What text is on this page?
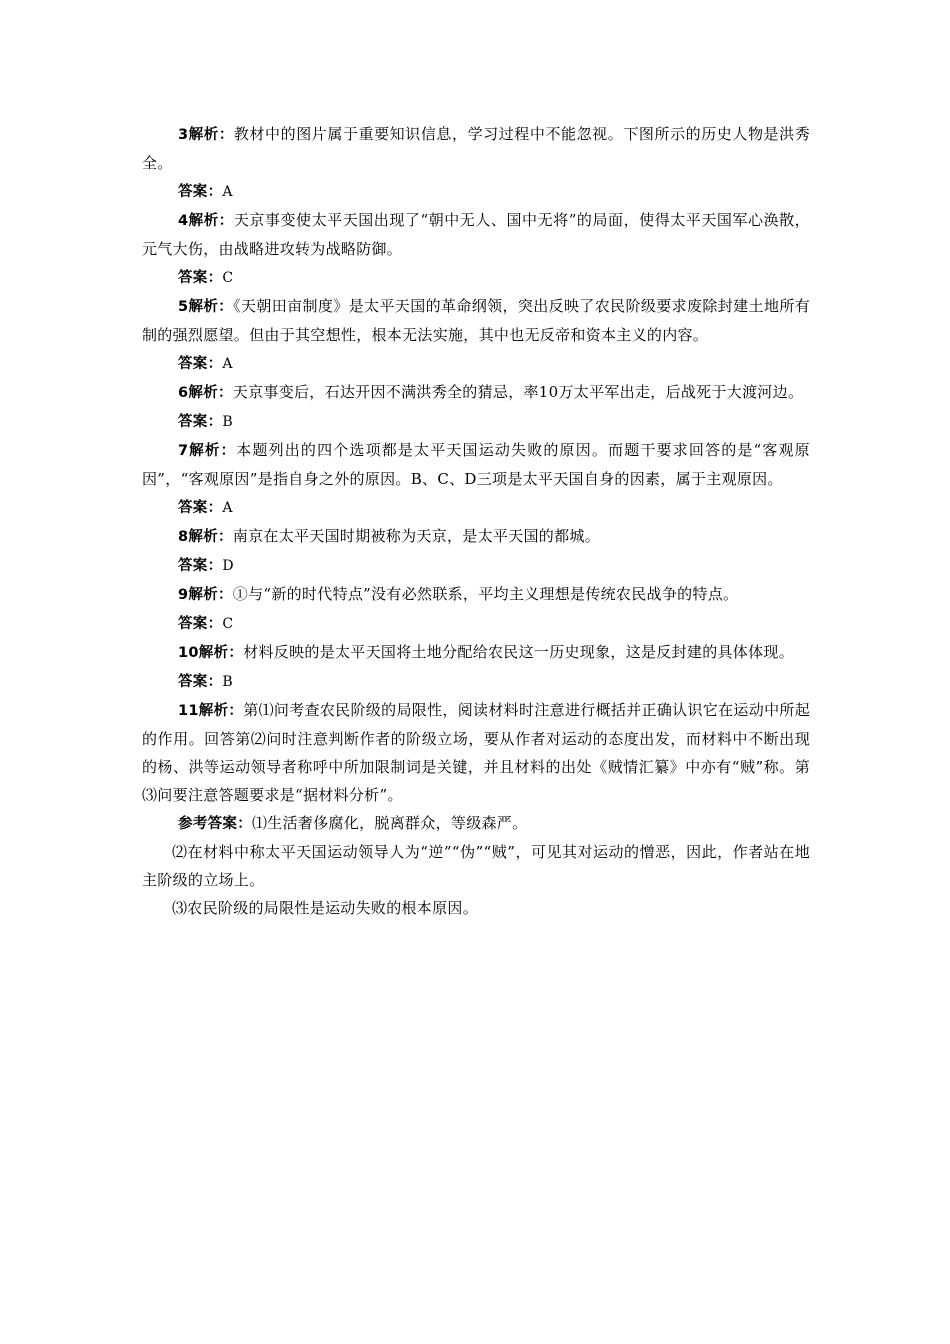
3解析：教材中的图片属于重要知识信息，学习过程中不能忽视。下图所示的历史人物是洪秀全。

答案：A

4解析：天京事变使太平天国出现了“朝中无人、国中无将”的局面，使得太平天国军心涣散，元气大伤，由战略进攻转为战略防御。

答案：C

5解析：《天朝田亩制度》是太平天国的革命纲领，突出反映了农民阶级要求废除封建土地所有制的强烈愿望。但由于其空想性，根本无法实施，其中也无反帝和资本主义的内容。

答案：A

6解析：天京事变后，石达开因不满洪秀全的猜忌，率10万太平军出走，后战死于大渡河边。

答案：B

7解析：本题列出的四个选项都是太平天国运动失败的原因。而题干要求回答的是“客观原因”，“客观原因”是指自身之外的原因。B、C、D三项是太平天国自身的因素，属于主观原因。

答案：A

8解析：南京在太平天国时期被称为天京，是太平天国的都城。

答案：D

9解析：①与“新的时代特点”没有必然联系，平均主义理想是传统农民战争的特点。

答案：C

10解析：材料反映的是太平天国将土地分配给农民这一历史现象，这是反封建的具体体现。

答案：B

11解析：第⑴问考查农民阶级的局限性，阅读材料时注意进行概括并正确认识它在运动中所起的作用。回答第⑵问时注意判断作者的阶级立场，要从作者对运动的态度出发，而材料中不断出现的杨、洪等运动领导者称呼中所加限制词是关键，并且材料的出处《贼情汇纂》中亦有“贼”称。第⑶问要注意答题要求是“据材料分析”。

参考答案：⑴生活奢侈腐化，脱离群众，等级森严。

⑵在材料中称太平天国运动领导人为“逆”“伪”“贼”，可见其对运动的憎恶，因此，作者站在地主阶级的立场上。

⑶农民阶级的局限性是运动失败的根本原因。
